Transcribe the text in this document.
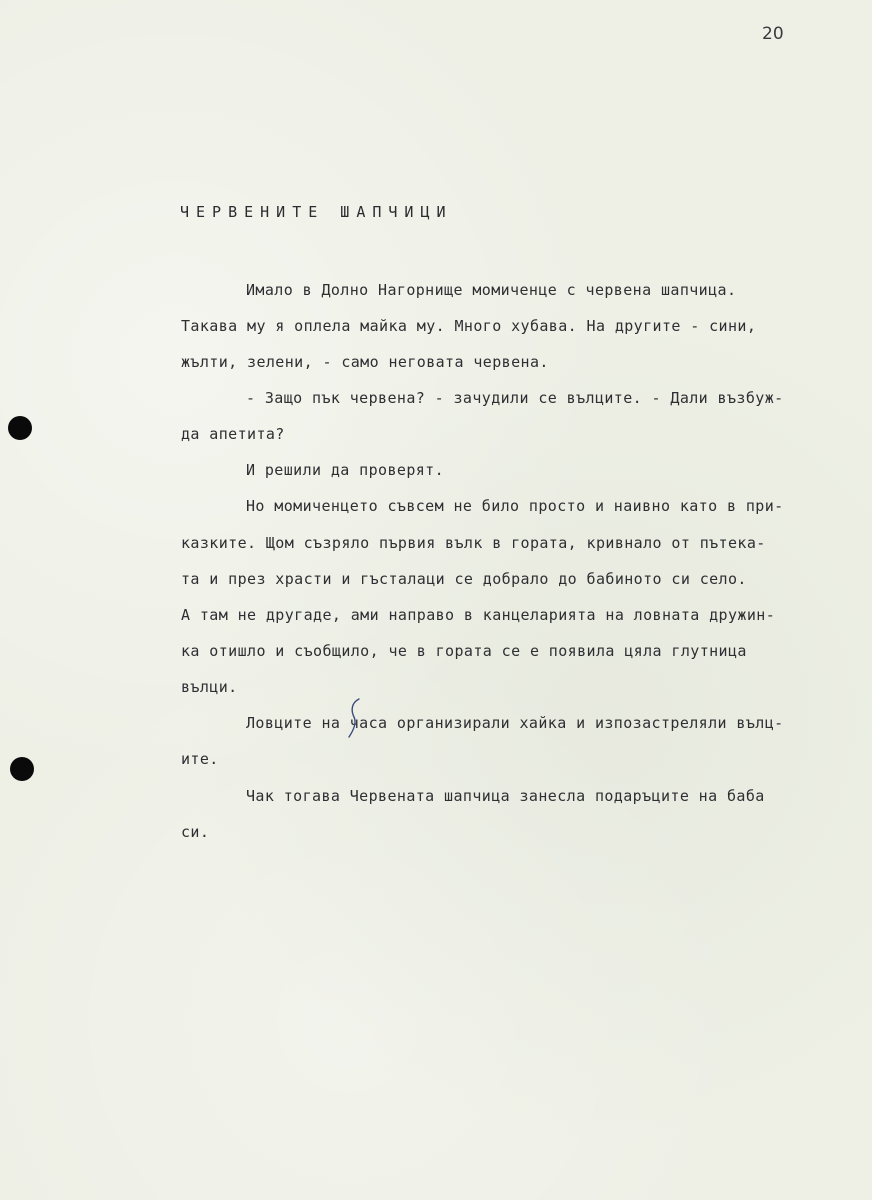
20
ЧЕРВЕНИТЕ ШАПЧИЦИ
Имало в Долно Нагорнище момиченце с червена шапчица.
Такава му я оплела майка му. Много хубава. На другите - сини,
жълти, зелени, - само неговата червена.
- Защо пък червена? - зачудили се вълците. - Дали възбуж-
да апетита?
И решили да проверят.
Но момиченцето съвсем не било просто и наивно като в при-
казките. Щом съзряло първия вълк в гората, кривнало от пътека-
та и през храсти и гъсталаци се добрало до бабиното си село.
А там не другаде, ами направо в канцеларията на ловната дружин-
ка отишло и съобщило, че в гората се е появила цяла глутница
вълци.
Ловците на часа организирали хайка и изпозастреляли вълц-
ите.
Чак тогава Червената шапчица занесла подаръците на баба
си.
